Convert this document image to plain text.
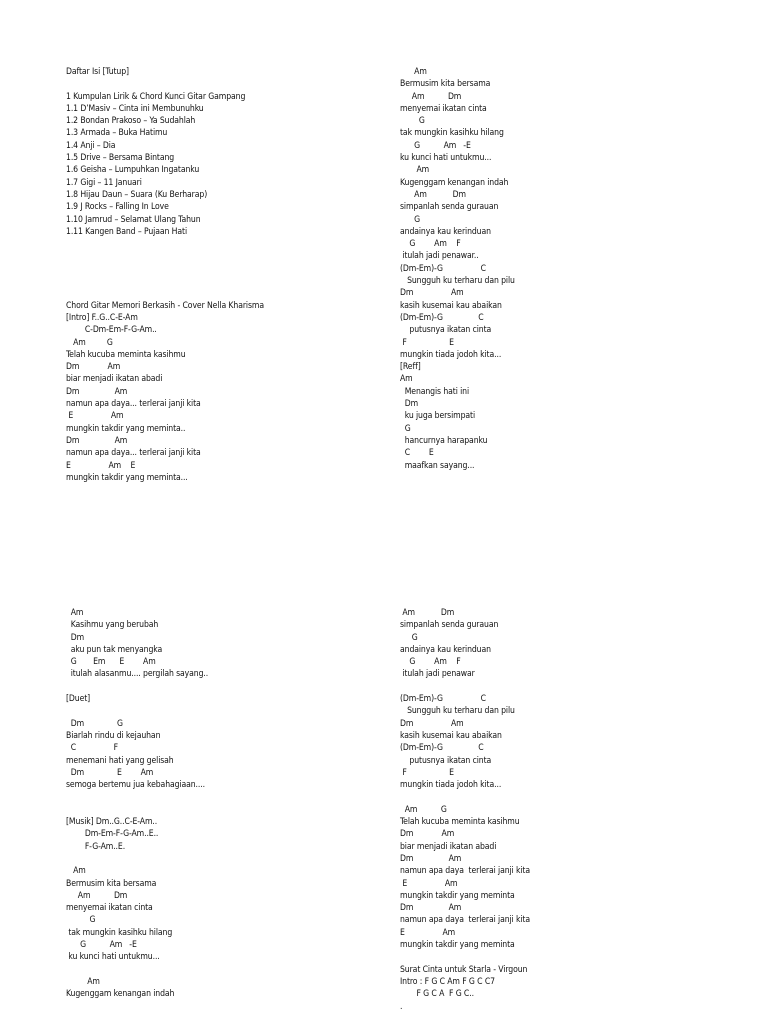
Daftar Isi [Tutup]
1 Kumpulan Lirik & Chord Kunci Gitar Gampang
1.1 D’Masiv – Cinta ini Membunuhku
1.2 Bondan Prakoso – Ya Sudahlah
1.3 Armada – Buka Hatimu
1.4 Anji – Dia
1.5 Drive – Bersama Bintang
1.6 Geisha – Lumpuhkan Ingatanku
1.7 Gigi – 11 Januari
1.8 Hijau Daun – Suara (Ku Berharap)
1.9 J Rocks – Falling In Love
1.10 Jamrud – Selamat Ulang Tahun
1.11 Kangen Band – Pujaan Hati
Chord Gitar Memori Berkasih - Cover Nella Kharisma
[Intro] F..G..C-E-Am
C-Dm-Em-F-G-Am..
Am         G
Telah kucuba meminta kasihmu
Dm            Am
biar menjadi ikatan abadi
Dm               Am
namun apa daya... terlerai janji kita
E                Am
mungkin takdir yang meminta..
Dm               Am
namun apa daya... terlerai janji kita
E                Am    E
mungkin takdir yang meminta...
Am
Bermusim kita bersama
Am          Dm
menyemai ikatan cinta
G
tak mungkin kasihku hilang
G          Am   -E
ku kunci hati untukmu...
Am
Kugenggam kenangan indah
Am           Dm
simpanlah senda gurauan
G
andainya kau kerinduan
G        Am    F
itulah jadi penawar..
(Dm-Em)-G                C
Sungguh ku terharu dan pilu
Dm                Am
kasih kusemai kau abaikan
(Dm-Em)-G               C
putusnya ikatan cinta
F                  E
mungkin tiada jodoh kita...
[Reff]
Am
Menangis hati ini
Dm
ku juga bersimpati
G
hancurnya harapanku
C        E
maafkan sayang...
Am
Kasihmu yang berubah
Dm
aku pun tak menyangka
G       Em      E        Am
itulah alasanmu.... pergilah sayang..
[Duet]
Dm              G
Biarlah rindu di kejauhan
C                F
menemani hati yang gelisah
Dm              E        Am
semoga bertemu jua kebahagiaan....
[Musik] Dm..G..C-E-Am..
Dm-Em-F-G-Am..E..
F-G-Am..E.
Am
Bermusim kita bersama
Am          Dm
menyemai ikatan cinta
G
tak mungkin kasihku hilang
G          Am   -E
ku kunci hati untukmu...
Am
Kugenggam kenangan indah
Am           Dm
simpanlah senda gurauan
G
andainya kau kerinduan
G        Am    F
itulah jadi penawar
(Dm-Em)-G                C
Sungguh ku terharu dan pilu
Dm                Am
kasih kusemai kau abaikan
(Dm-Em)-G               C
putusnya ikatan cinta
F                  E
mungkin tiada jodoh kita...
Am          G
Telah kucuba meminta kasihmu
Dm            Am
biar menjadi ikatan abadi
Dm               Am
namun apa daya  terlerai janji kita
E                Am
mungkin takdir yang meminta
Dm               Am
namun apa daya  terlerai janji kita
E                Am
mungkin takdir yang meminta
Surat Cinta untuk Starla - Virgoun
Intro : F G C Am F G C C7
F G C A  F G C..
.
